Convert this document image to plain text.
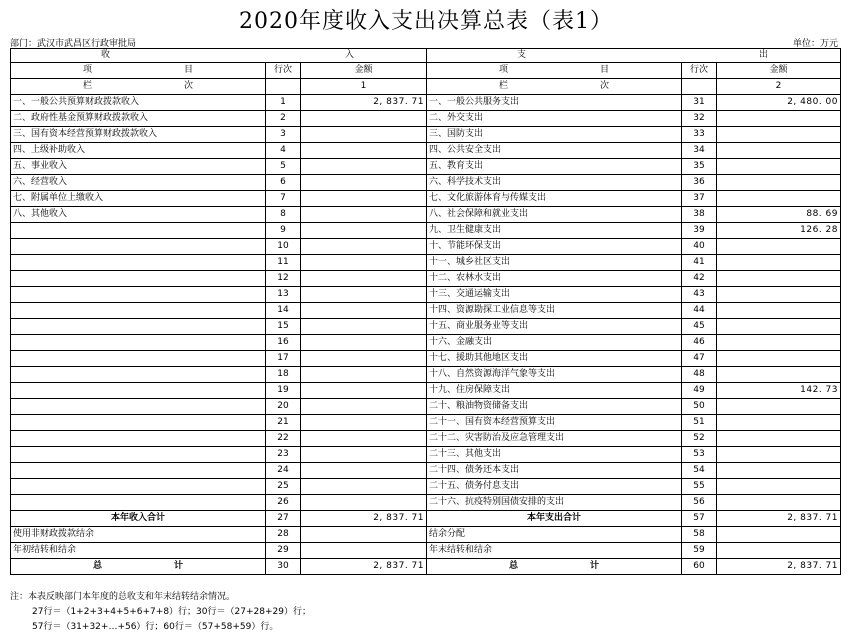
2020年度收入支出决算总表（表1）
部门：武汉市武昌区行政审批局	单位：万元
收 入			支 出		

项 目	行次	金额	项 目	行次	金额

栏 次		1	栏 次		2
一、一般公共预算财政拨款收入	1	2, 837. 71	一、一般公共服务支出	31	2, 480. 00
二、政府性基金预算财政拨款收入	2		二、外交支出	32	
三、国有资本经营预算财政拨款收入	3		三、国防支出	33	
四、上级补助收入	4		四、公共安全支出	34	
五、事业收入	5		五、教育支出	35	
六、经营收入	6		六、科学技术支出	36	
七、附属单位上缴收入	7		七、文化旅游体育与传媒支出	37	
八、其他收入	8		八、社会保障和就业支出	38	88. 69
	9		九、卫生健康支出	39	126. 28
	10		十、节能环保支出	40	
	11		十一、城乡社区支出	41	
	12		十二、农林水支出	42	
	13		十三、交通运输支出	43	
	14		十四、资源勘探工业信息等支出	44	
	15		十五、商业服务业等支出	45	
	16		十六、金融支出	46	
	17		十七、援助其他地区支出	47	
	18		十八、自然资源海洋气象等支出	48	
	19		十九、住房保障支出	49	142. 73
	20		二十、粮油物资储备支出	50	
	21		二十一、国有资本经营预算支出	51	
	22		二十二、灾害防治及应急管理支出	52	
	23		二十三、其他支出	53	
	24		二十四、债务还本支出	54	
	25		二十五、债务付息支出	55	
	26		二十六、抗疫特别国债安排的支出	56	
本年收入合计	27	2, 837. 71	本年支出合计	57	2, 837. 71
使用非财政拨款结余	28		结余分配	58	
年初结转和结余	29		年末结转和结余	59	

总 计	30	2, 837. 71	总 计	60	2, 837. 71
注：本表反映部门本年度的总收支和年末结转结余情况。
27行＝（1+2+3+4+5+6+7+8）行；30行＝（27+28+29）行；
57行＝（31+32+…+56）行；60行＝（57+58+59）行。
